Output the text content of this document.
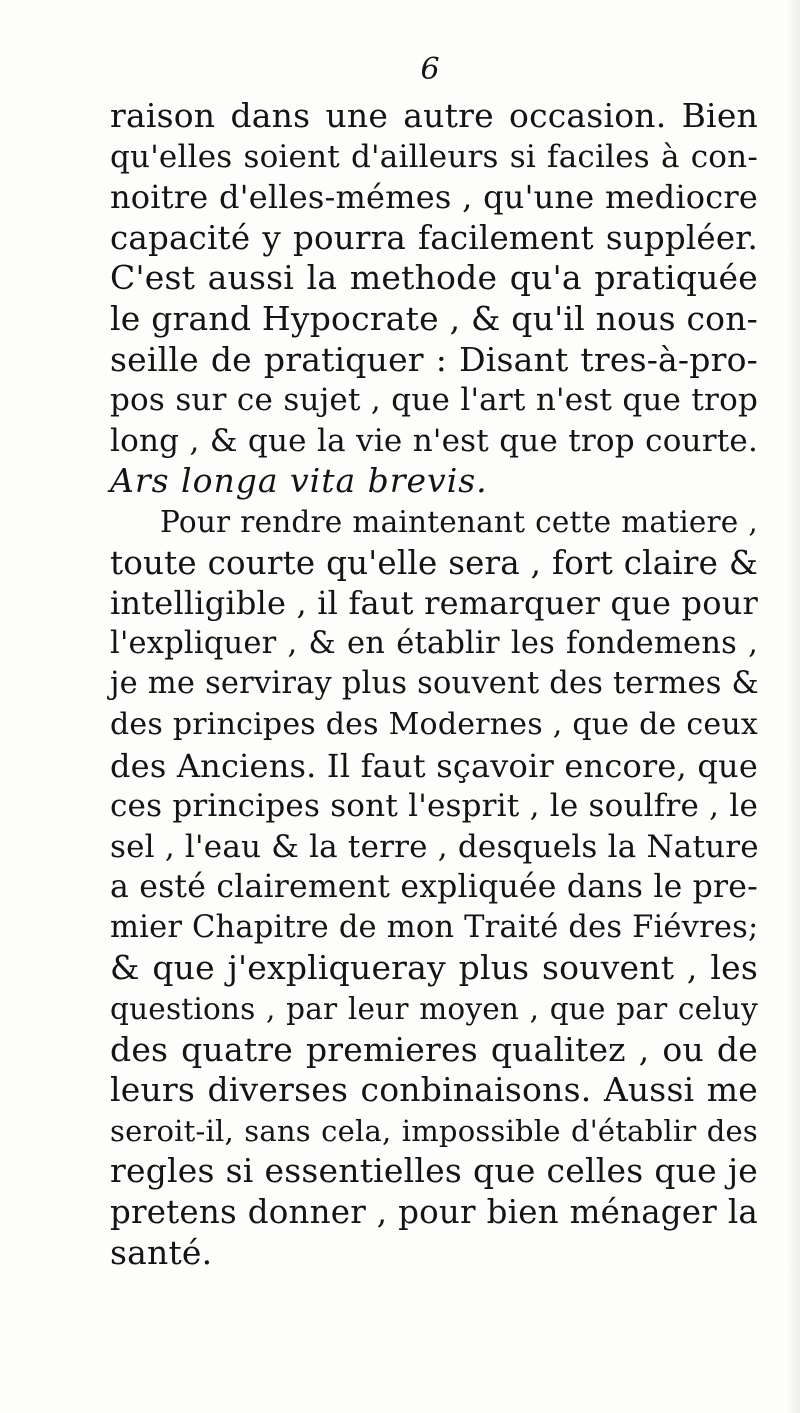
6
raison dans une autre occasion. Bien
qu'elles soient d'ailleurs si faciles à con-
noitre d'elles-mémes , qu'une mediocre
capacité y pourra facilement suppléer.
C'est aussi la methode qu'a pratiquée
le grand Hypocrate , & qu'il nous con-
seille de pratiquer : Disant tres-à-pro-
pos sur ce sujet , que l'art n'est que trop
long , & que la vie n'est que trop courte.
Ars longa vita brevis.
Pour rendre maintenant cette matiere ,
toute courte qu'elle sera , fort claire &
intelligible , il faut remarquer que pour
l'expliquer , & en établir les fondemens ,
je me serviray plus souvent des termes &
des principes des Modernes , que de ceux
des Anciens. Il faut sçavoir encore, que
ces principes sont l'esprit , le soulfre , le
sel , l'eau & la terre , desquels la Nature
a esté clairement expliquée dans le pre-
mier Chapitre de mon Traité des Fiévres;
& que j'expliqueray plus souvent , les
questions , par leur moyen , que par celuy
des quatre premieres qualitez , ou de
leurs diverses conbinaisons. Aussi me
seroit-il, sans cela, impossible d'établir des
regles si essentielles que celles que je
pretens donner , pour bien ménager la
santé.
